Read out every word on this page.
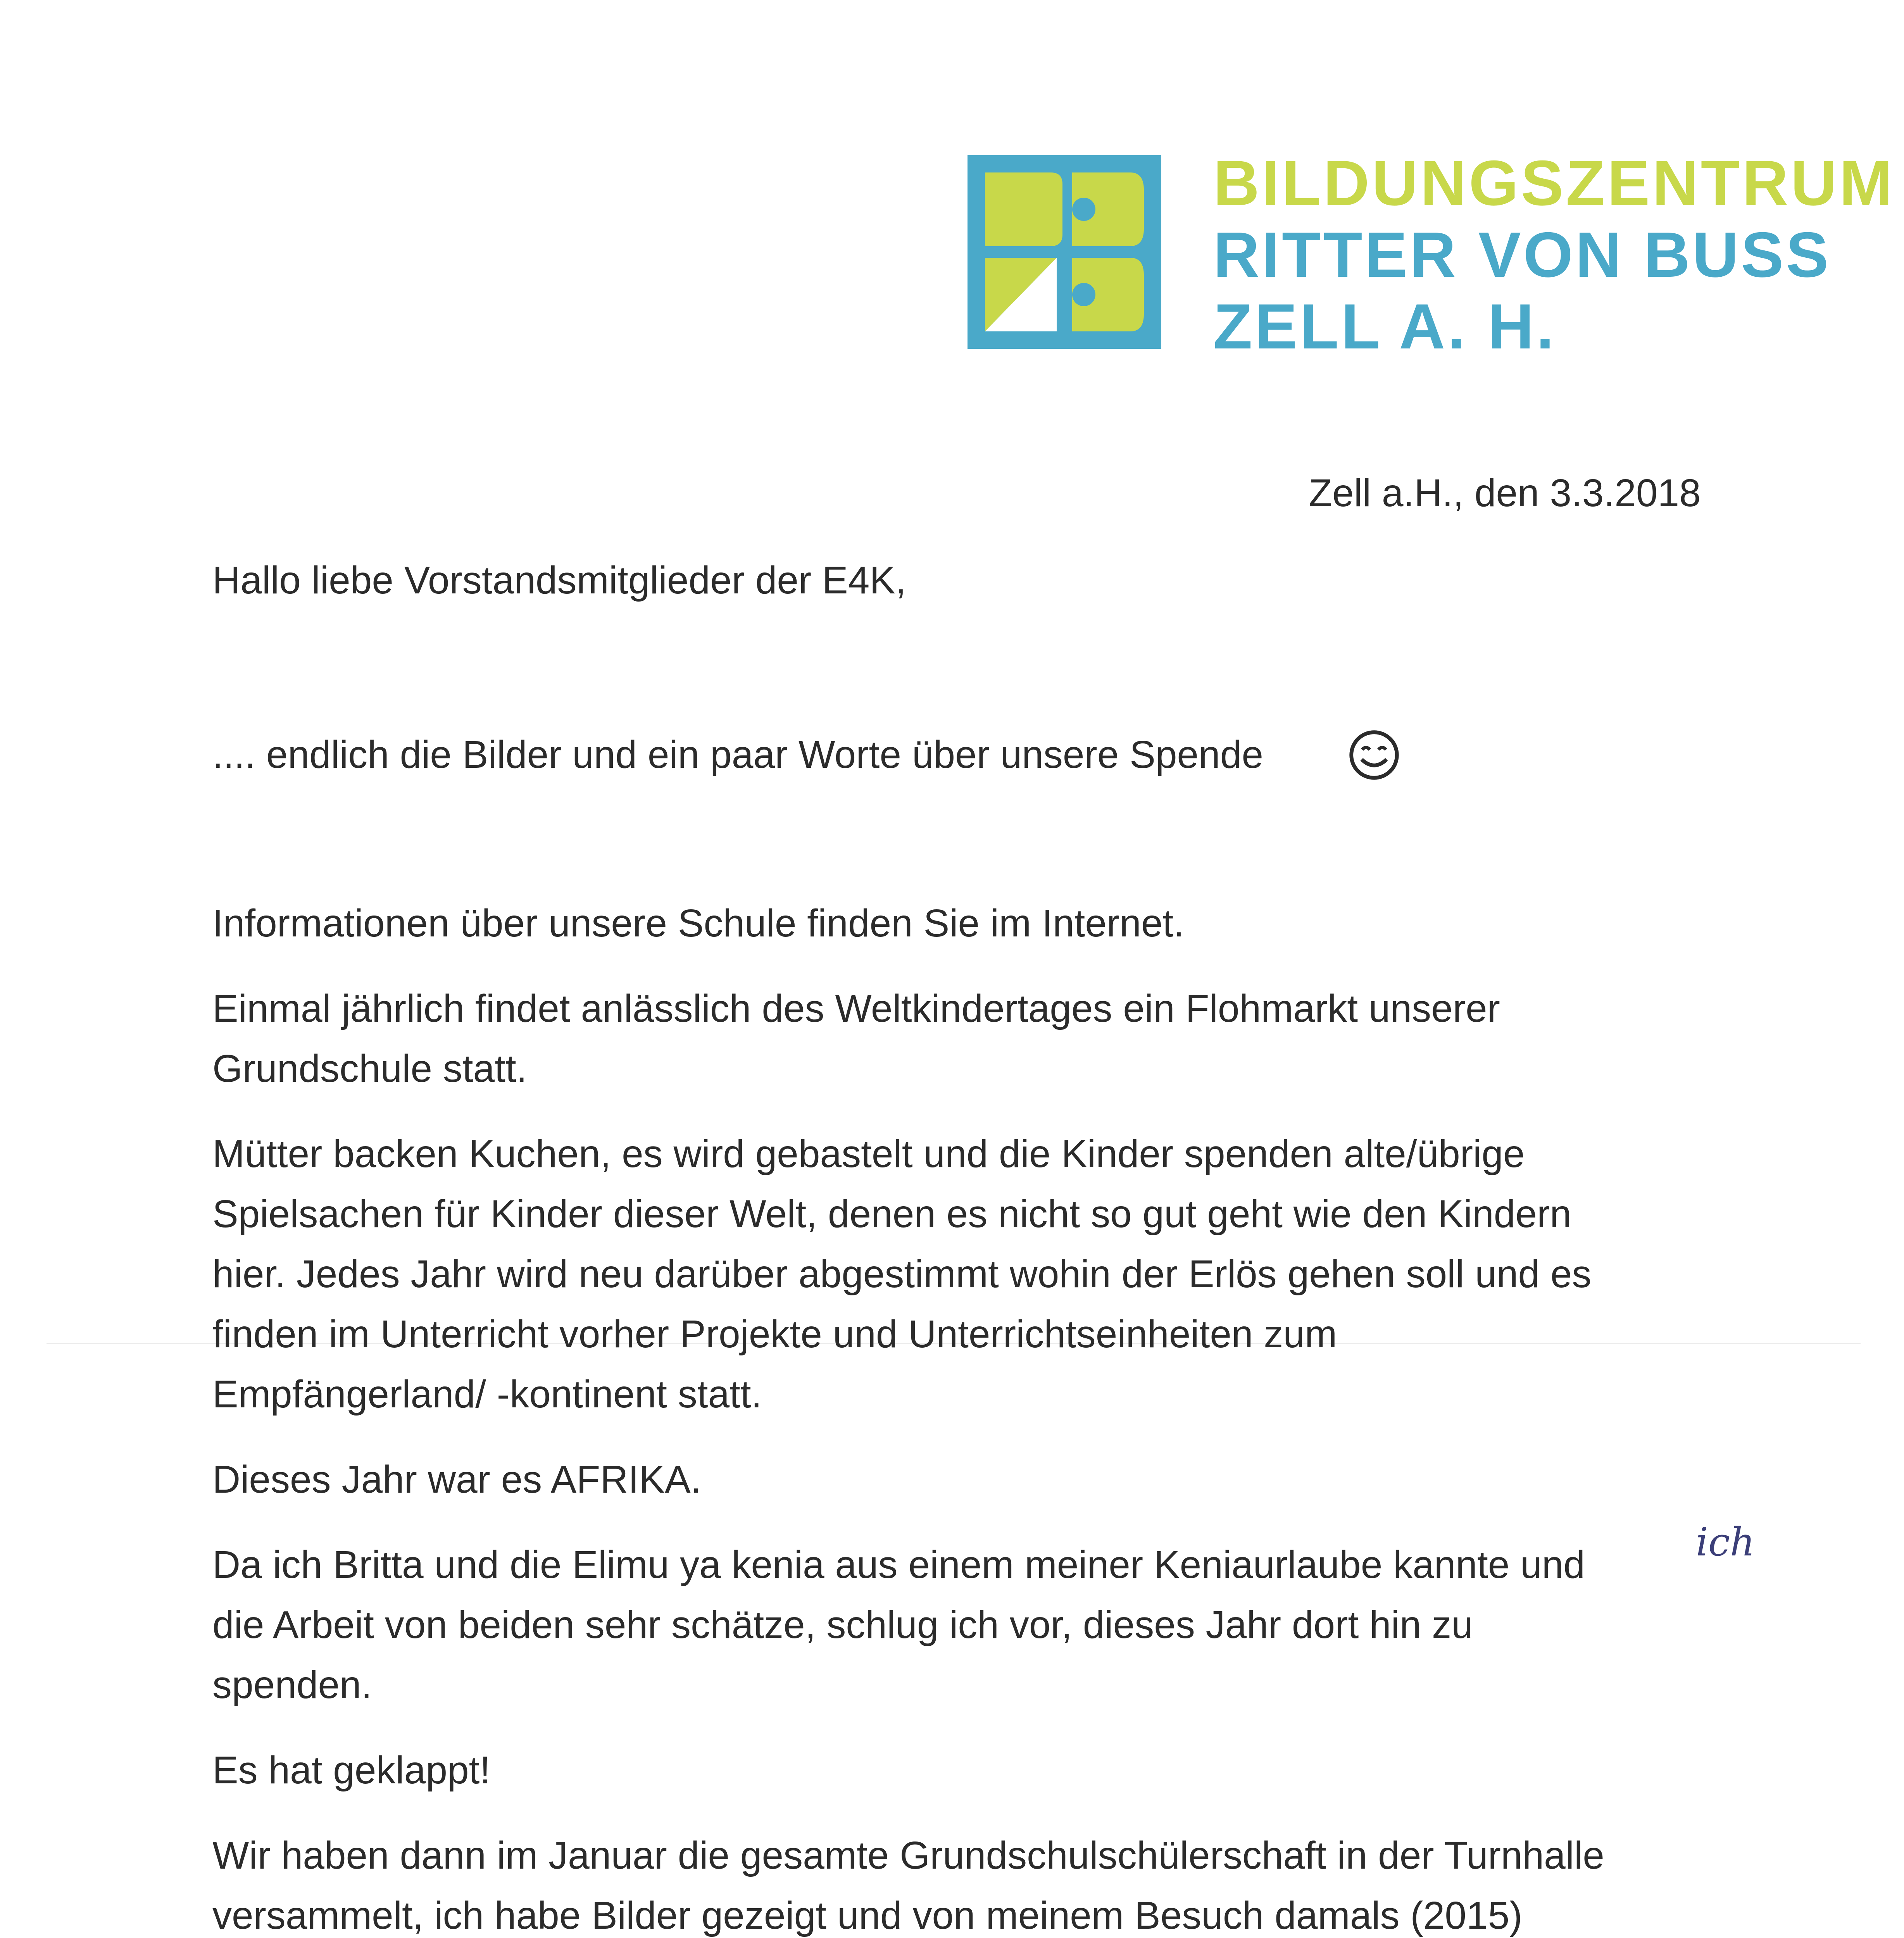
BILDUNGSZENTRUM
RITTER VON BUSS
ZELL A. H.
Zell a.H., den 3.3.2018
Hallo liebe Vorstandsmitglieder der E4K,
.... endlich die Bilder und ein paar Worte über unsere Spende
Informationen über unsere Schule finden Sie im Internet.
Einmal jährlich findet anlässlich des Weltkindertages ein Flohmarkt unserer
Grundschule statt.
Mütter backen Kuchen, es wird gebastelt und die Kinder spenden alte/übrige
Spielsachen für Kinder dieser Welt, denen es nicht so gut geht wie den Kindern
hier. Jedes Jahr wird neu darüber abgestimmt wohin der Erlös gehen soll und es
finden im Unterricht vorher Projekte und Unterrichtseinheiten zum
Empfängerland/ -kontinent statt.
Dieses Jahr war es AFRIKA.
Da ich Britta und die Elimu ya kenia aus einem meiner Keniaurlaube kannte und	ich
die Arbeit von beiden sehr schätze, schlug ich vor, dieses Jahr dort hin zu
spenden.
Es hat geklappt!
Wir haben dann im Januar die gesamte Grundschulschülerschaft in der Turnhalle
versammelt, ich habe Bilder gezeigt und von meinem Besuch damals (2015)
